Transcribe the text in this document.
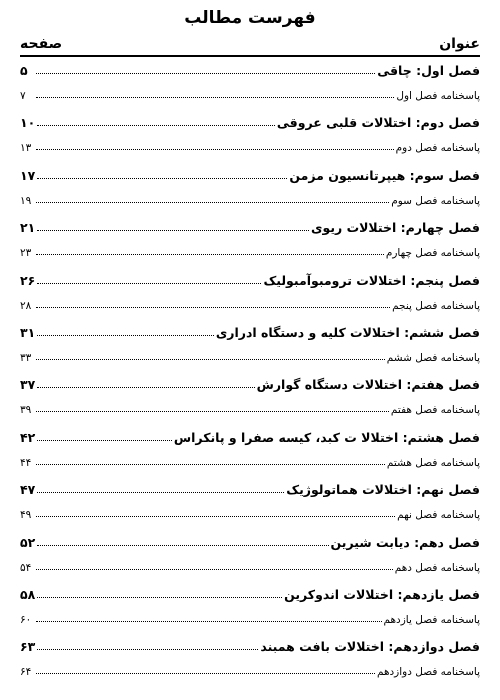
فهرست مطالب
عنوان
صفحه
فصل اول: چاقی
۵
پاسخنامه فصل اول
۷
فصل دوم: اختلالات قلبی عروقی
۱۰
پاسخنامه فصل دوم
۱۳
فصل سوم: هیپرتانسیون مزمن
۱۷
پاسخنامه فصل سوم
۱۹
فصل چهارم: اختلالات ریوی
۲۱
پاسخنامه فصل چهارم
۲۳
فصل پنجم: اختلالات ترومبوآمبولیک
۲۶
پاسخنامه فصل پنجم
۲۸
فصل ششم: اختلالات کلیه و دستگاه ادراری
۳۱
پاسخنامه فصل ششم
۳۳
فصل هفتم: اختلالات دستگاه گوارش
۳۷
پاسخنامه فصل هفتم
۳۹
فصل هشتم: اختلالا ت کبد، کیسه صفرا و پانکراس
۴۲
پاسخنامه فصل هشتم
۴۴
فصل نهم: اختلالات هماتولوژیک
۴۷
پاسخنامه فصل نهم
۴۹
فصل دهم: دیابت شیرین
۵۲
پاسخنامه فصل دهم
۵۴
فصل یازدهم: اختلالات اندوکرین
۵۸
پاسخنامه فصل یازدهم
۶۰
فصل دوازدهم: اختلالات بافت همبند
۶۳
پاسخنامه فصل دوازدهم
۶۴
